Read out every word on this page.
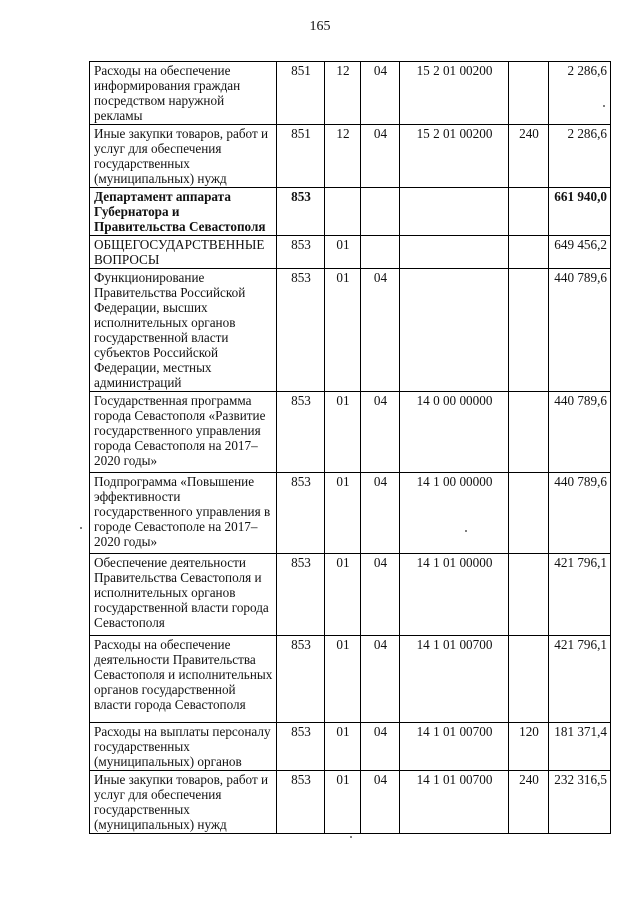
165
Расходы на обеспечение информирования граждан посредством наружной рекламы	851	12	04	15 2 01 00200		2 286,6
Иные закупки товаров, работ и услуг для обеспечения государственных (муниципальных) нужд	851	12	04	15 2 01 00200	240	2 286,6
Департамент аппарата Губернатора и Правительства Севастополя	853					661 940,0
ОБЩЕГОСУДАРСТВЕННЫЕ ВОПРОСЫ	853	01				649 456,2
Функционирование Правительства Российской Федерации, высших исполнительных органов государственной власти субъектов Российской Федерации, местных администраций	853	01	04			440 789,6
Государственная программа города Севастополя «Развитие государственного управления города Севастополя на 2017–2020 годы»	853	01	04	14 0 00 00000		440 789,6
Подпрограмма «Повышение эффективности государственного управления в городе Севастополе на 2017–2020 годы»	853	01	04	14 1 00 00000		440 789,6
Обеспечение деятельности Правительства Севастополя и исполнительных органов государственной власти города Севастополя	853	01	04	14 1 01 00000		421 796,1
Расходы на обеспечение деятельности Правительства Севастополя и исполнительных органов государственной власти города Севастополя	853	01	04	14 1 01 00700		421 796,1
Расходы на выплаты персоналу государственных (муниципальных) органов	853	01	04	14 1 01 00700	120	181 371,4
Иные закупки товаров, работ и услуг для обеспечения государственных (муниципальных) нужд	853	01	04	14 1 01 00700	240	232 316,5
